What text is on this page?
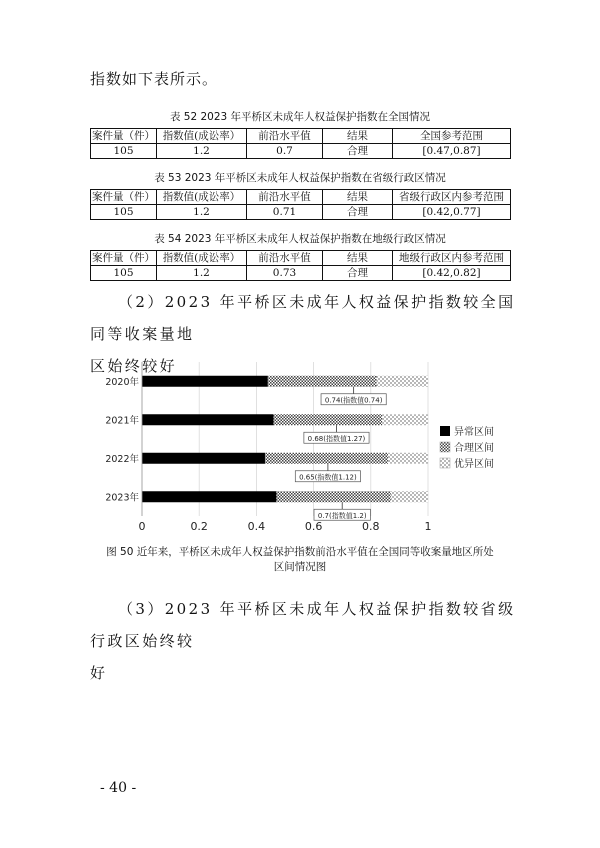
指数如下表所示。
表 52 2023 年平桥区未成年人权益保护指数在全国情况
案件量（件）	指数值(成讼率）	前沿水平值	结果	全国参考范围
105	1.2	0.7	合理	[0.47,0.87]
表 53 2023 年平桥区未成年人权益保护指数在省级行政区情况
案件量（件）	指数值(成讼率）	前沿水平值	结果	省级行政区内参考范围
105	1.2	0.71	合理	[0.42,0.77]
表 54 2023 年平桥区未成年人权益保护指数在地级行政区情况
案件量（件）	指数值(成讼率）	前沿水平值	结果	地级行政区内参考范围
105	1.2	0.73	合理	[0.42,0.82]
（2）2023 年平桥区未成年人权益保护指数较全国同等收案量地
区始终较好
0.74(指数值0.74)
0.68(指数值1.27)
0.65(指数值1.12)
0.7(指数值1.2)
0	0.2	0.4	0.6	0.8	1
2020年
2021年
2022年
2023年
异常区间
合理区间
优异区间
图 50 近年来，平桥区未成年人权益保护指数前沿水平值在全国同等收案量地区所处
区间情况图
（3）2023 年平桥区未成年人权益保护指数较省级行政区始终较
好
- 40 -
